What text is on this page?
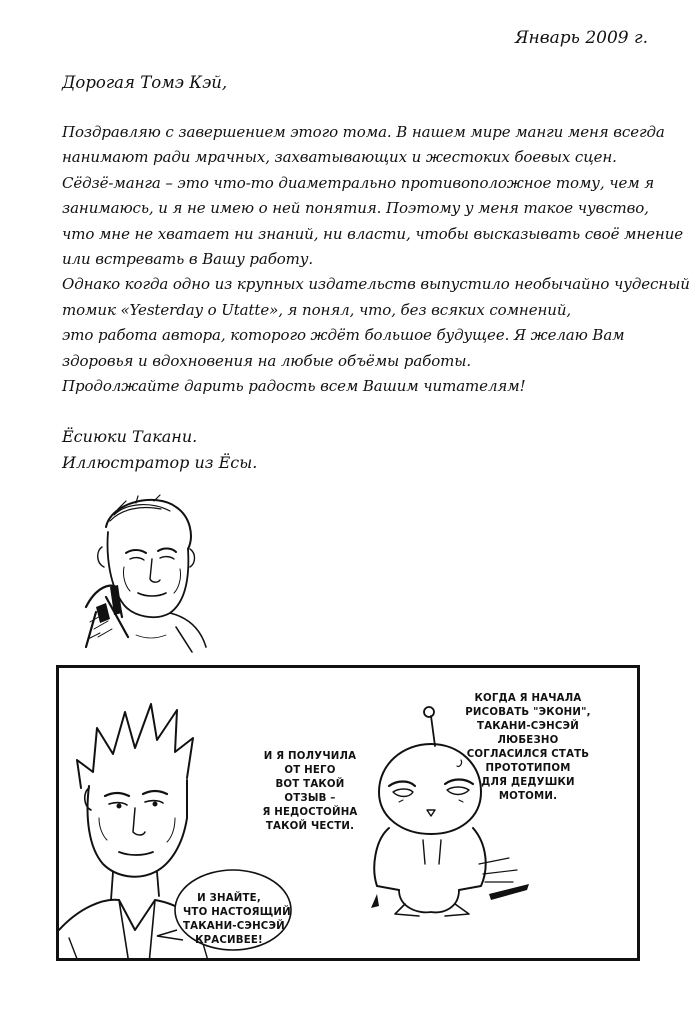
Январь 2009 г.
Дорогая Томэ Кэй,
Поздравляю с завершением этого тома. В нашем мире манги меня всегда
нанимают ради мрачных, захватывающих и жестоких боевых сцен.
Сёдзё-манга – это что-то диаметрально противоположное тому, чем я
занимаюсь, и я не имею о ней понятия. Поэтому у меня такое чувство,
что мне не хватает ни знаний, ни власти, чтобы высказывать своё мнение
или встревать в Вашу работу.
Однако когда одно из крупных издательств выпустило необычайно чудесный
томик «Yesterday o Utatte», я понял, что, без всяких сомнений,
это работа автора, которого ждёт большое будущее. Я желаю Вам
здоровья и вдохновения на любые объёмы работы.
Продолжайте дарить радость всем Вашим читателям!
Ёсиюки Такани.
Иллюстратор из Ёсы.
И Я ПОЛУЧИЛА
ОТ НЕГО
ВОТ ТАКОЙ
ОТЗЫВ –
Я НЕДОСТОЙНА
ТАКОЙ ЧЕСТИ.
КОГДА Я НАЧАЛА
РИСОВАТЬ "ЭКОНИ",
ТАКАНИ-СЭНСЭЙ
ЛЮБЕЗНО
СОГЛАСИЛСЯ СТАТЬ
ПРОТОТИПОМ
ДЛЯ ДЕДУШКИ
МОТОМИ.
И ЗНАЙТЕ,
ЧТО НАСТОЯЩИЙ
ТАКАНИ-СЭНСЭЙ
КРАСИВЕЕ!
